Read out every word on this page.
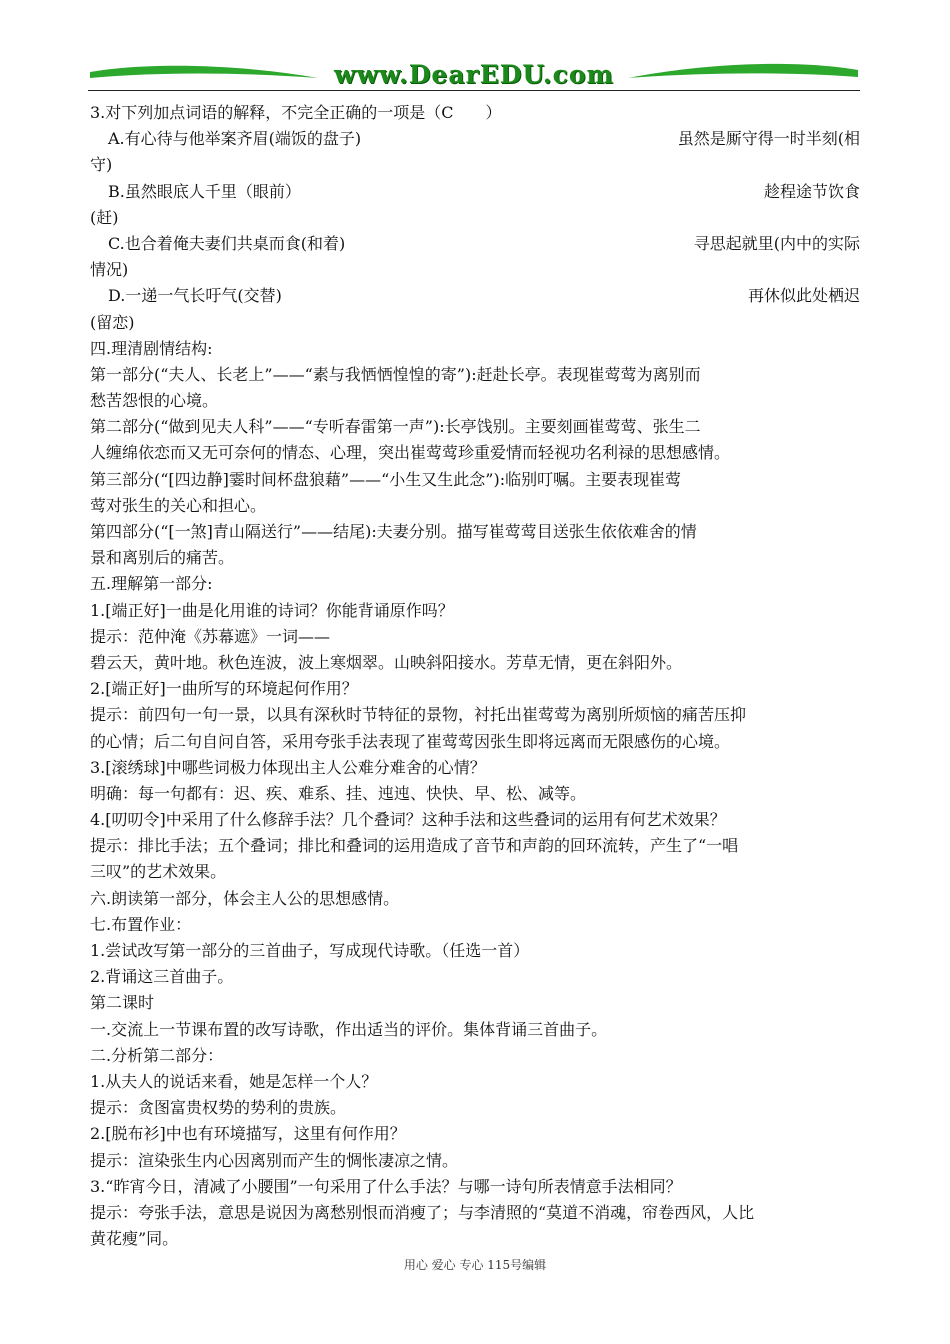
www.DearEDU.com
3.对下列加点词语的解释，不完全正确的一项是（C　　）
A.有心待与他举案齐眉(端饭的盘子)	虽然是厮守得一时半刻(相
守)
B.虽然眼底人千里（眼前）	趁程途节饮食
(赶)
C.也合着俺夫妻们共桌而食(和着)	寻思起就里(内中的实际
情况)
D.一递一气长吁气(交替)	再休似此处栖迟
(留恋)
四.理清剧情结构:
第一部分(“夫人、长老上”——“素与我恓恓惶惶的寄”):赶赴长亭。表现崔莺莺为离别而
愁苦怨恨的心境。
第二部分(“做到见夫人科”——“专听春雷第一声”):长亭饯别。主要刻画崔莺莺、张生二
人缠绵依恋而又无可奈何的情态、心理，突出崔莺莺珍重爱情而轻视功名利禄的思想感情。
第三部分(“[四边静]霎时间杯盘狼藉”——“小生又生此念”):临别叮嘱。主要表现崔莺
莺对张生的关心和担心。
第四部分(“[一煞]青山隔送行”——结尾):夫妻分别。描写崔莺莺目送张生依依难舍的情
景和离别后的痛苦。
五.理解第一部分:
1.[端正好]一曲是化用谁的诗词？你能背诵原作吗？
提示：范仲淹《苏幕遮》一词——
碧云天，黄叶地。秋色连波，波上寒烟翠。山映斜阳接水。芳草无情，更在斜阳外。
2.[端正好]一曲所写的环境起何作用？
提示：前四句一句一景，以具有深秋时节特征的景物，衬托出崔莺莺为离别所烦恼的痛苦压抑
的心情；后二句自问自答，采用夸张手法表现了崔莺莺因张生即将远离而无限感伤的心境。
3.[滚绣球]中哪些词极力体现出主人公难分难舍的心情？
明确：每一句都有：迟、疾、难系、挂、迍迍、快快、早、松、减等。
4.[叨叨令]中采用了什么修辞手法？几个叠词？这种手法和这些叠词的运用有何艺术效果？
提示：排比手法；五个叠词；排比和叠词的运用造成了音节和声韵的回环流转，产生了“一唱
三叹”的艺术效果。
六.朗读第一部分，体会主人公的思想感情。
七.布置作业：
1.尝试改写第一部分的三首曲子，写成现代诗歌。（任选一首）
2.背诵这三首曲子。
第二课时
一.交流上一节课布置的改写诗歌，作出适当的评价。集体背诵三首曲子。
二.分析第二部分：
1.从夫人的说话来看，她是怎样一个人？
提示：贪图富贵权势的势利的贵族。
2.[脱布衫]中也有环境描写，这里有何作用？
提示：渲染张生内心因离别而产生的惆怅凄凉之情。
3.“昨宵今日，清减了小腰围”一句采用了什么手法？与哪一诗句所表情意手法相同？
提示：夸张手法，意思是说因为离愁别恨而消瘦了；与李清照的“莫道不消魂，帘卷西风，人比
黄花瘦”同。
用心 爱心 专心 115号编辑
